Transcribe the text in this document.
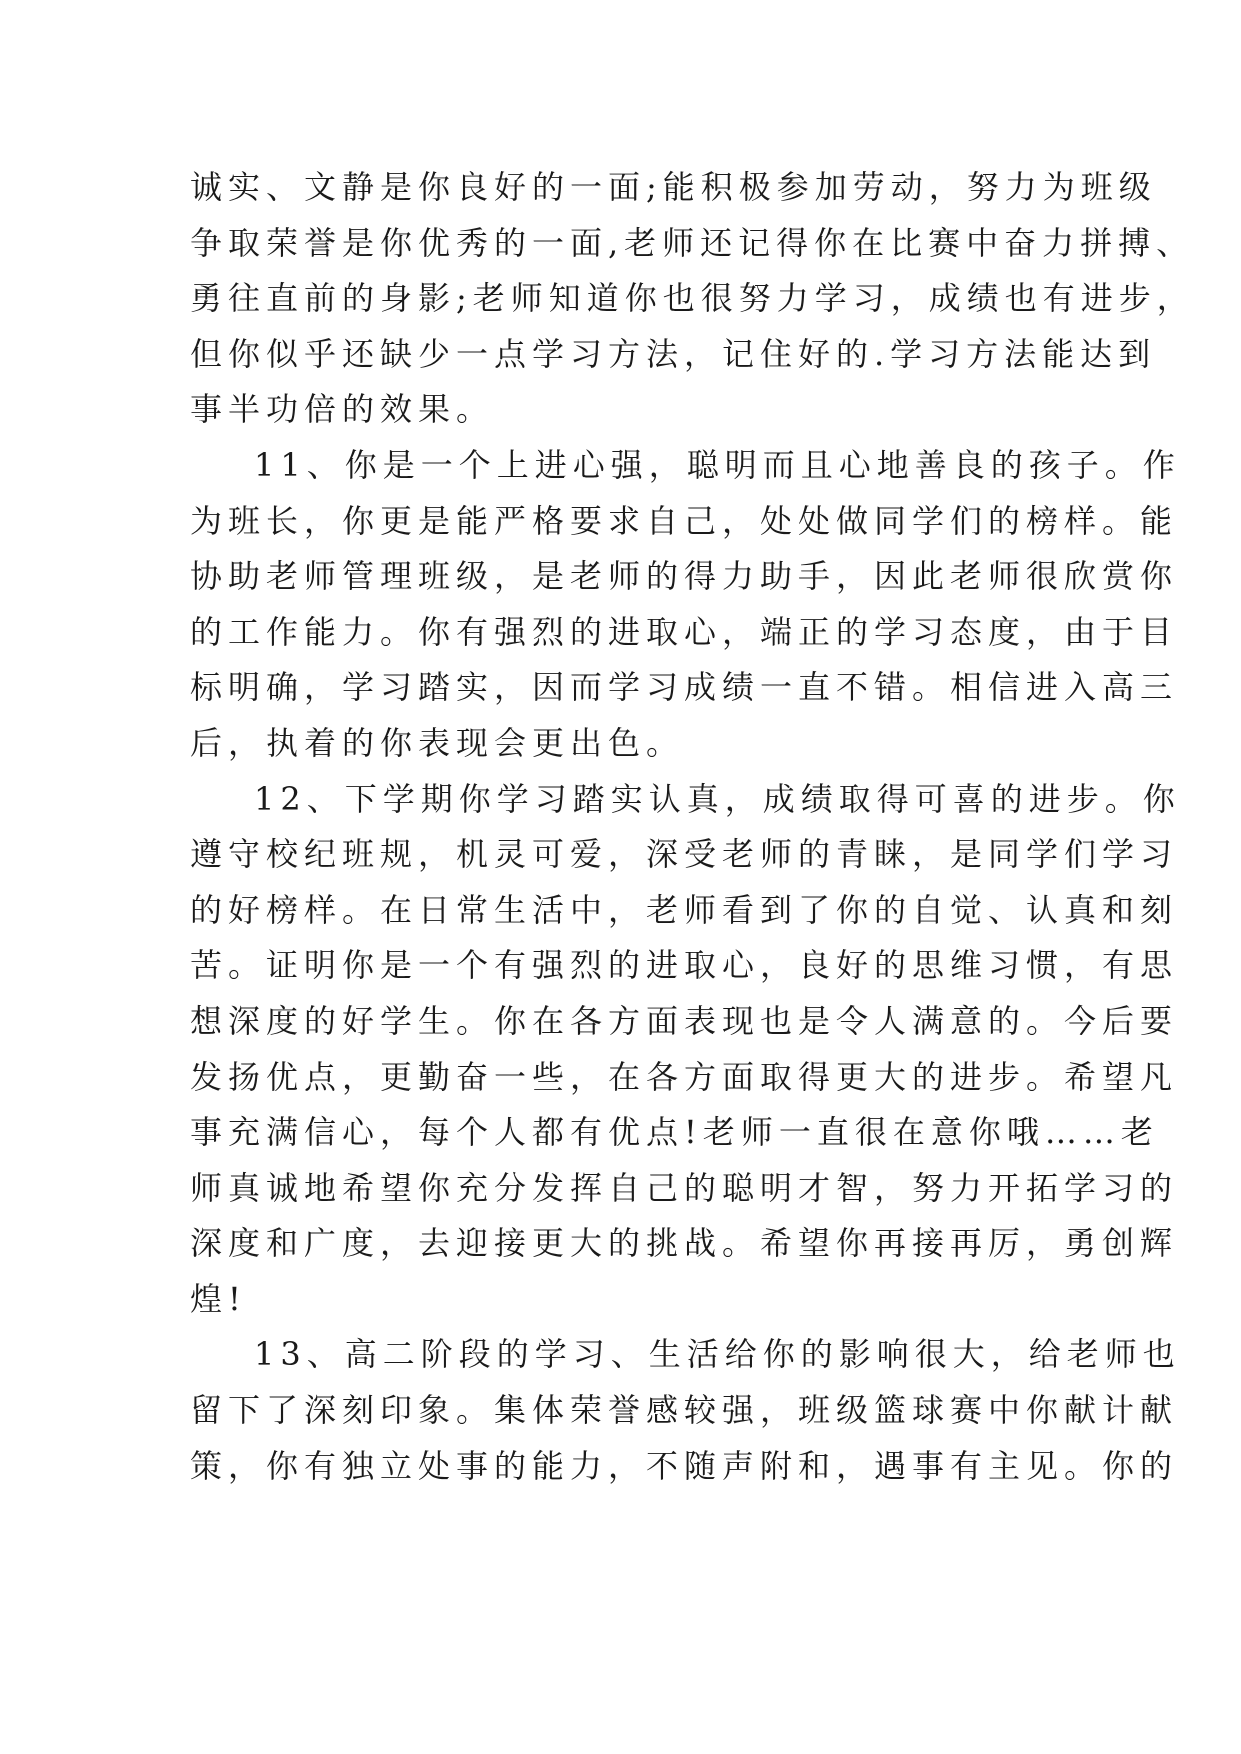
诚实、文静是你良好的一面;能积极参加劳动，努力为班级
争取荣誉是你优秀的一面,老师还记得你在比赛中奋力拼搏、
勇往直前的身影;老师知道你也很努力学习，成绩也有进步，
但你似乎还缺少一点学习方法，记住好的.学习方法能达到
事半功倍的效果。
11、你是一个上进心强，聪明而且心地善良的孩子。作
为班长，你更是能严格要求自己，处处做同学们的榜样。能
协助老师管理班级，是老师的得力助手，因此老师很欣赏你
的工作能力。你有强烈的进取心，端正的学习态度，由于目
标明确，学习踏实，因而学习成绩一直不错。相信进入高三
后，执着的你表现会更出色。
12、下学期你学习踏实认真，成绩取得可喜的进步。你
遵守校纪班规，机灵可爱，深受老师的青睐，是同学们学习
的好榜样。在日常生活中，老师看到了你的自觉、认真和刻
苦。证明你是一个有强烈的进取心，良好的思维习惯，有思
想深度的好学生。你在各方面表现也是令人满意的。今后要
发扬优点，更勤奋一些，在各方面取得更大的进步。希望凡
事充满信心，每个人都有优点!老师一直很在意你哦……老
师真诚地希望你充分发挥自己的聪明才智，努力开拓学习的
深度和广度，去迎接更大的挑战。希望你再接再厉，勇创辉
煌!
13、高二阶段的学习、生活给你的影响很大，给老师也
留下了深刻印象。集体荣誉感较强，班级篮球赛中你献计献
策，你有独立处事的能力，不随声附和，遇事有主见。你的
